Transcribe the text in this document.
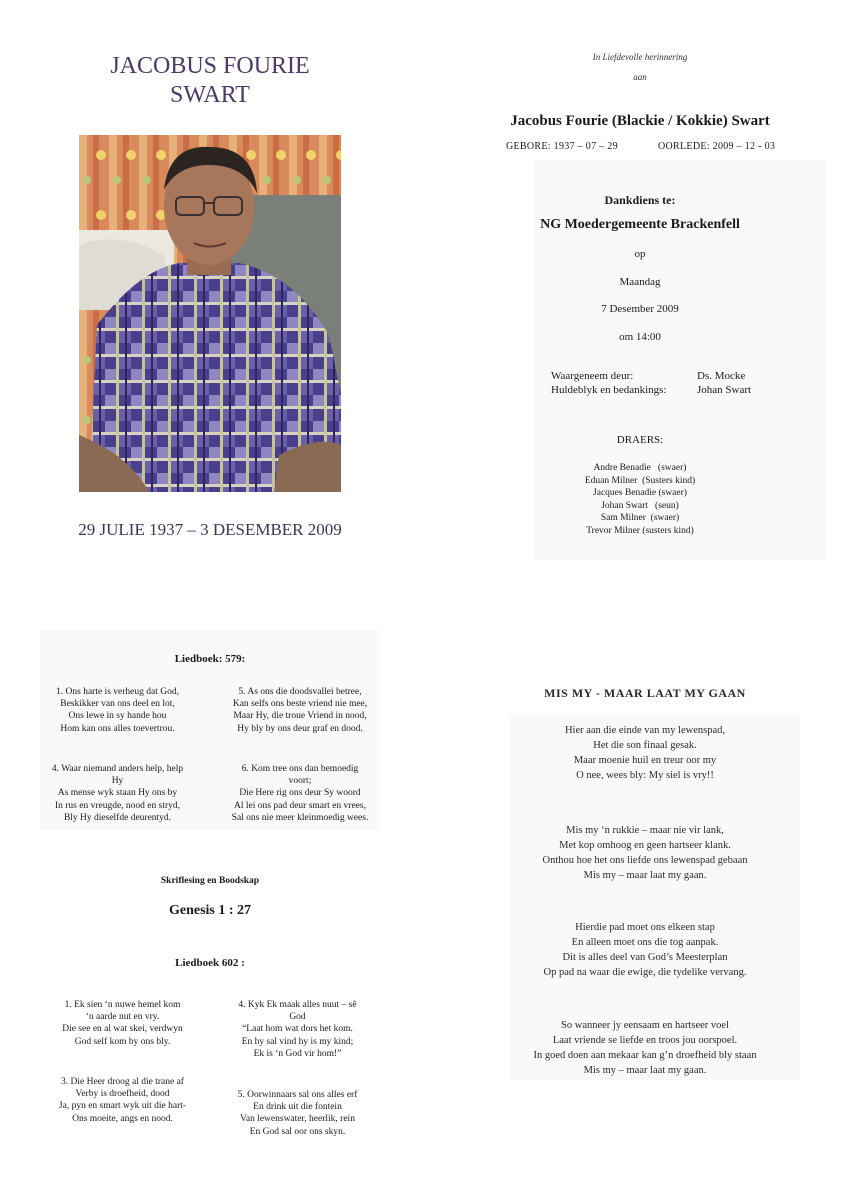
JACOBUS FOURIE
SWART
29 JULIE 1937 – 3 DESEMBER 2009
In Liefdevolle herinnering
aan
Jacobus Fourie (Blackie / Kokkie) Swart
GEBORE: 1937 – 07 – 29	OORLEDE: 2009 – 12 - 03
Dankdiens te:
NG Moedergemeente Brackenfell
op
Maandag
7 Desember 2009
om 14:00
Waargeneem deur:	Ds. Mocke
Huldeblyk en bedankings:	Johan Swart
DRAERS:
Andre Benadie   (swaer)
Eduan Milner  (Susters kind)
Jacques Benadie (swaer)
Johan Swart   (seun)
Sam Milner  (swaer)
Trevor Milner (susters kind)
Liedboek: 579:
1. Ons harte is verheug dat God,
Beskikker van ons deel en lot,
Ons lewe in sy hande hou
Hom kan ons alles toevertrou.
5. As ons die doodsvallei betree,
Kan selfs ons beste vriend nie mee,
Maar Hy, die troue Vriend in nood,
Hy bly by ons deur graf en dood.
4. Waar niemand anders help, help
Hy
As mense wyk staan Hy ons by
In rus en vreugde, nood en stryd,
Bly Hy dieselfde deurentyd.
6. Kom tree ons dan bemoedig
voort;
Die Here rig ons deur Sy woord
Al lei ons pad deur smart en vrees,
Sal ons nie meer kleinmoedig wees.
Skriflesing en Boodskap
Genesis 1 : 27
Liedboek 602 :
1. Ek sien ‘n nuwe hemel kom
‘n aarde nut en vry.
Die see en al wat skei, verdwyn
God self kom by ons bly.
4. Kyk Ek maak alles nuut – sê
God
“Laat hom wat dors het kom.
En hy sal vind hy is my kind;
Ek is ‘n God vir hom!”
3. Die Heer droog al die trane af
Verby is droefheid, dood
Ja, pyn en smart wyk uit die hart-
Ons moeite, angs en nood.
5. Oorwinnaars sal ons alles erf
En drink uit die fontein
Van lewenswater, heerlik, rein
En God sal oor ons skyn.
MIS MY - MAAR LAAT MY GAAN
Hier aan die einde van my lewenspad,
Het die son finaal gesak.
Maar moenie huil en treur oor my
O nee, wees bly: My siel is vry!!
Mis my ‘n rukkie – maar nie vir lank,
Met kop omhoog en geen hartseer klank.
Onthou hoe het ons liefde ons lewenspad gebaan
Mis my – maar laat my gaan.
Hierdie pad moet ons elkeen stap
En alleen moet ons die tog aanpak.
Dit is alles deel van God’s Meesterplan
Op pad na waar die ewige, die tydelike vervang.
So wanneer jy eensaam en hartseer voel
Laat vriende se liefde en troos jou oorspoel.
In goed doen aan mekaar kan g’n droefheid bly staan
Mis my – maar laat my gaan.
